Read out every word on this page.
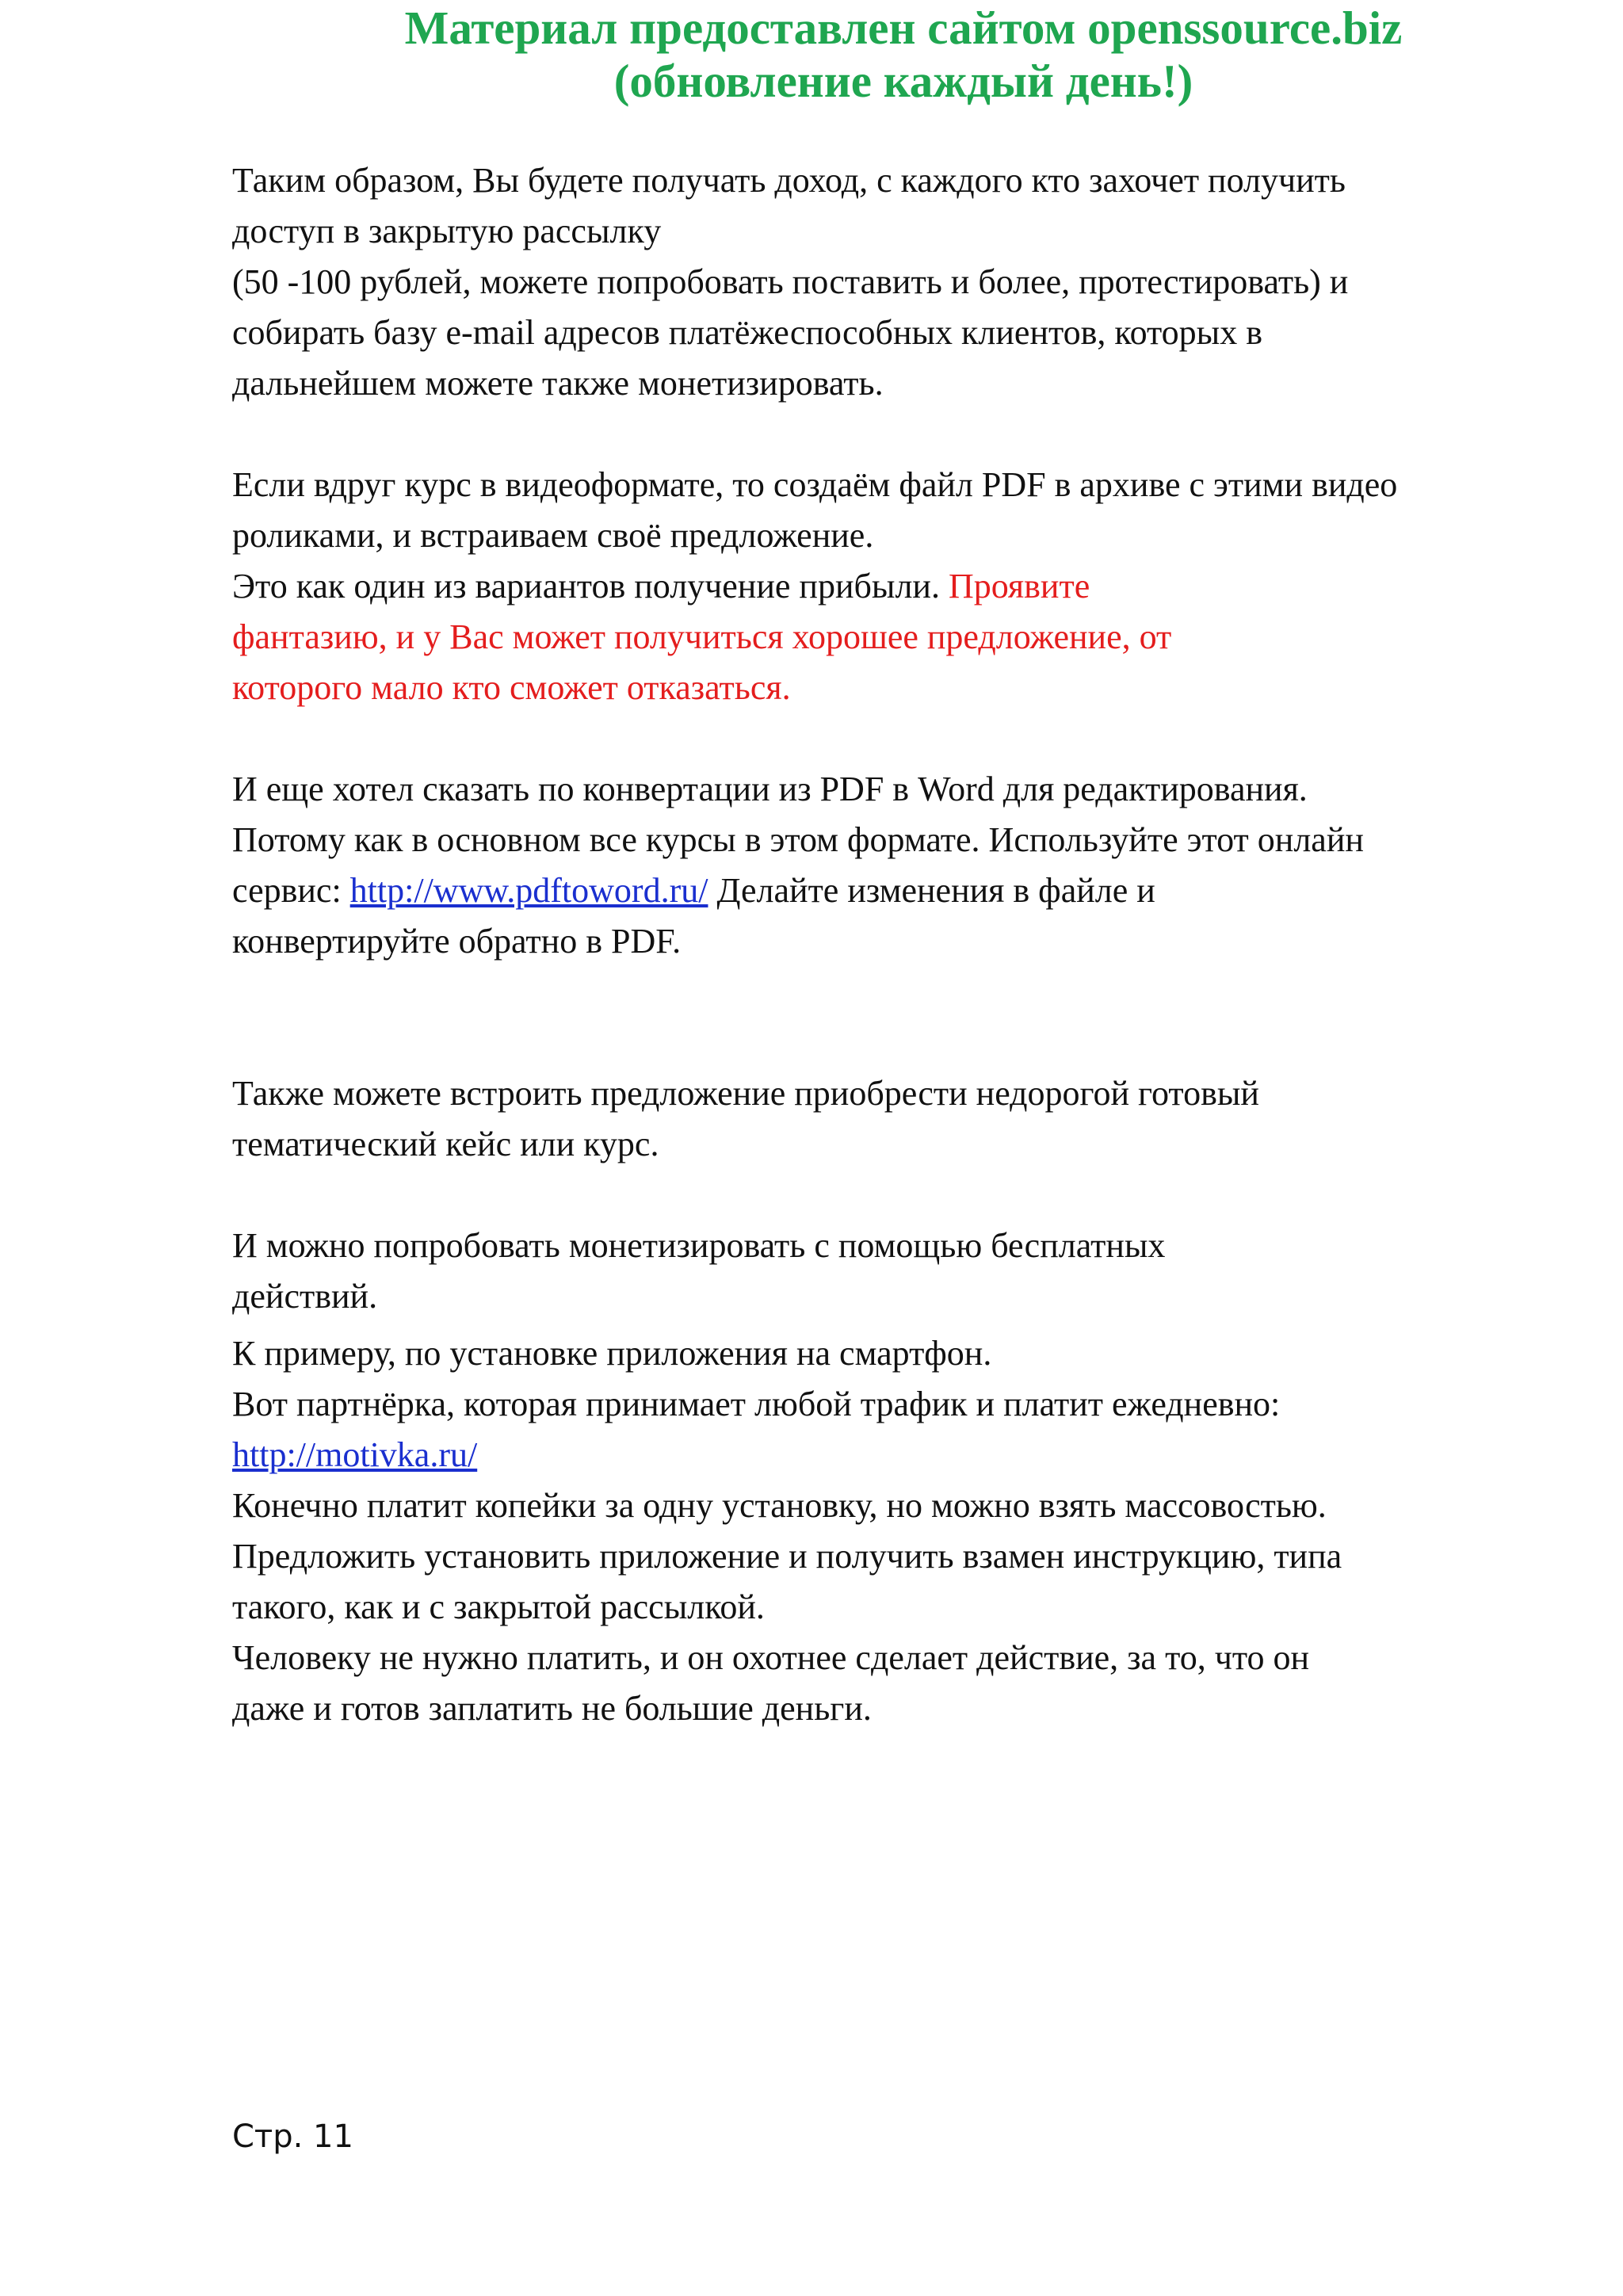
Материал предоставлен сайтом openssource.biz
(обновление каждый день!)
Таким образом, Вы будете получать доход, с каждого кто захочет получить
доступ в закрытую рассылку
(50 -100 рублей, можете попробовать поставить и более, протестировать) и
собирать базу e-mail адресов платёжеспособных клиентов, которых в
дальнейшем можете также монетизировать.
Если вдруг курс в видеоформате, то создаём файл PDF в архиве с этими видео
роликами, и встраиваем своё предложение.
Это как один из вариантов получение прибыли. Проявите
фантазию, и у Вас может получиться хорошее предложение, от
которого мало кто сможет отказаться.
И еще хотел сказать по конвертации из PDF в Word для редактирования.
Потому как в основном все курсы в этом формате. Используйте этот онлайн
сервис: http://www.pdftoword.ru/ Делайте изменения в файле и
конвертируйте обратно в PDF.
Также можете встроить предложение приобрести недорогой готовый
тематический кейс или курс.
И можно попробовать монетизировать с помощью бесплатных
действий.
К примеру, по установке приложения на смартфон.
Вот партнёрка, которая принимает любой трафик и платит ежедневно:
http://motivka.ru/
Конечно платит копейки за одну установку, но можно взять массовостью.
Предложить установить приложение и получить взамен инструкцию, типа
такого, как и с закрытой рассылкой.
Человеку не нужно платить, и он охотнее сделает действие, за то, что он
даже и готов заплатить не большие деньги.
Стр. 11
